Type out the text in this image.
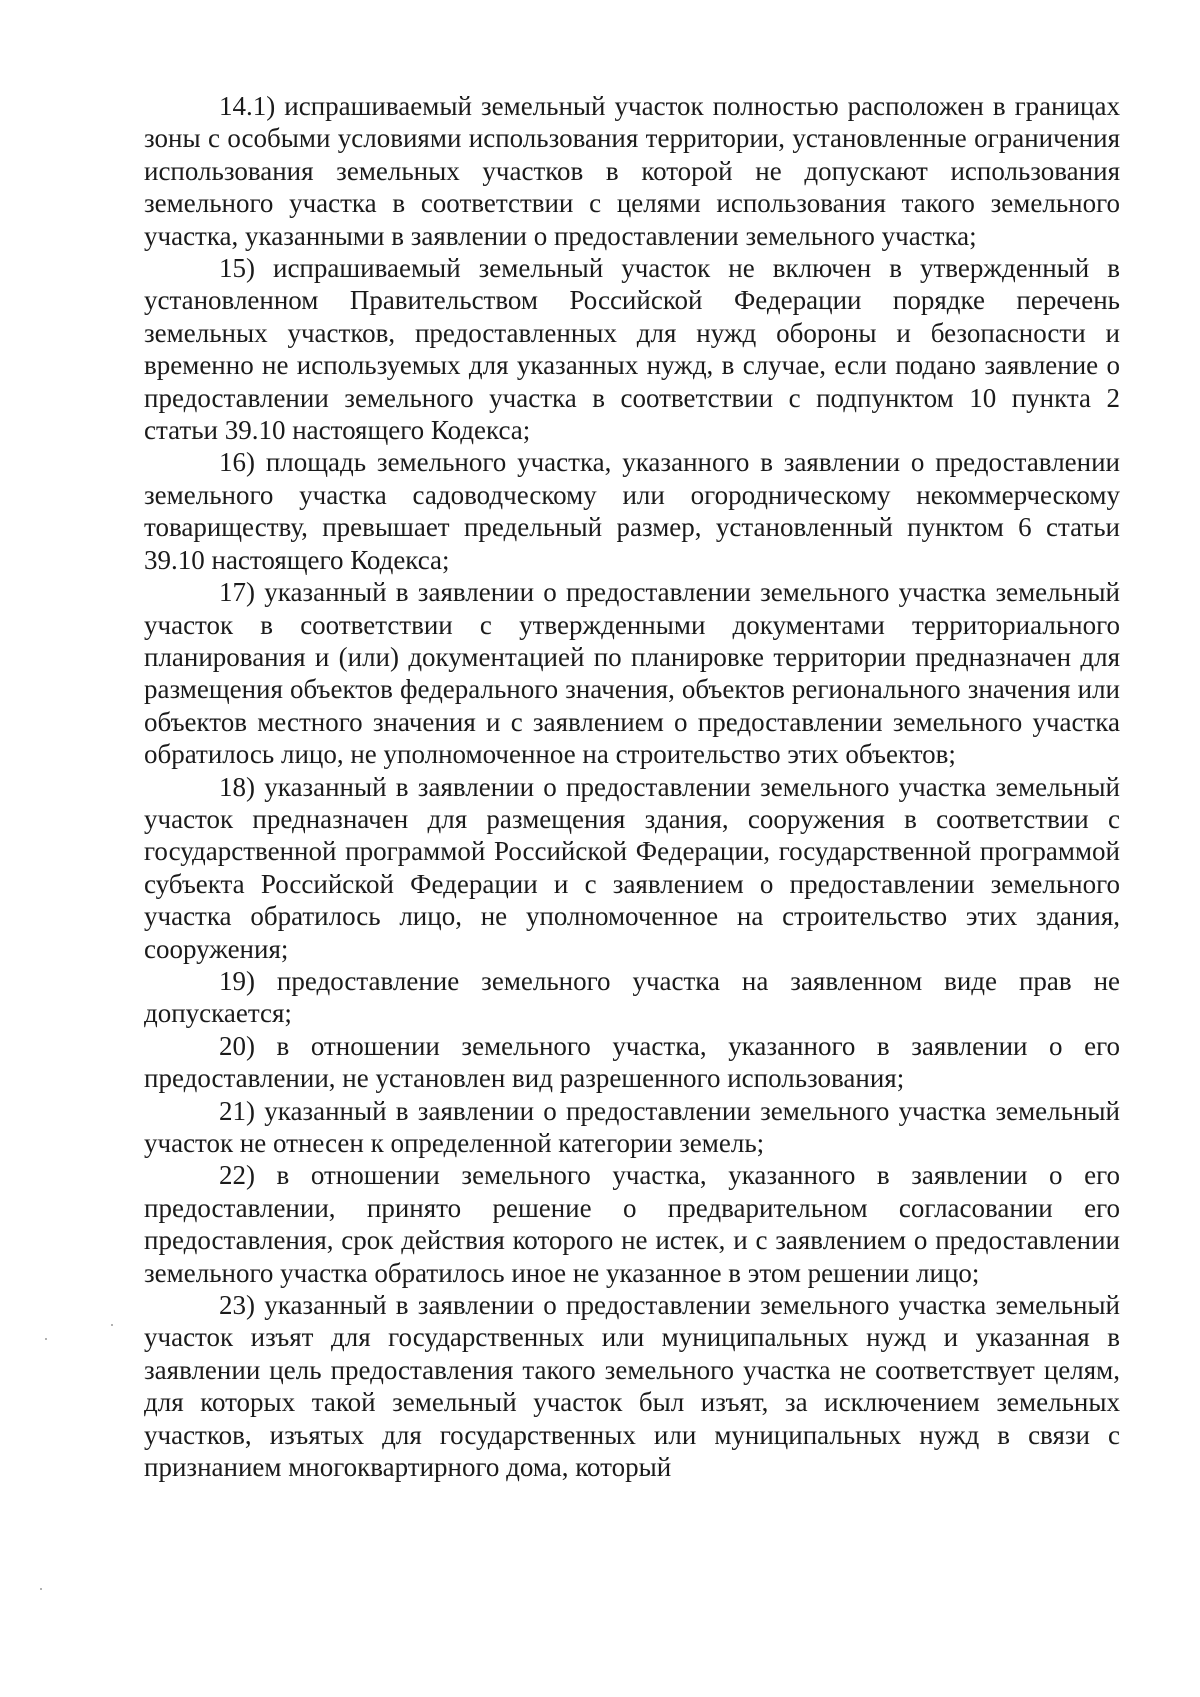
14.1) испрашиваемый земельный участок полностью расположен в границах зоны с особыми условиями использования территории, установленные ограничения использования земельных участков в которой не допускают использования земельного участка в соответствии с целями использования такого земельного участка, указанными в заявлении о предоставлении земельного участка;

15) испрашиваемый земельный участок не включен в утвержденный в установленном Правительством Российской Федерации порядке перечень земельных участков, предоставленных для нужд обороны и безопасности и временно не используемых для указанных нужд, в случае, если подано заявление о предоставлении земельного участка в соответствии с подпунктом 10 пункта 2 статьи 39.10 настоящего Кодекса;

16) площадь земельного участка, указанного в заявлении о предоставлении земельного участка садоводческому или огородническому некоммерческому товариществу, превышает предельный размер, установленный пунктом 6 статьи 39.10 настоящего Кодекса;

17) указанный в заявлении о предоставлении земельного участка земельный участок в соответствии с утвержденными документами территориального планирования и (или) документацией по планировке территории предназначен для размещения объектов федерального значения, объектов регионального значения или объектов местного значения и с заявлением о предоставлении земельного участка обратилось лицо, не уполномоченное на строительство этих объектов;

18) указанный в заявлении о предоставлении земельного участка земельный участок предназначен для размещения здания, сооружения в соответствии с государственной программой Российской Федерации, государственной программой субъекта Российской Федерации и с заявлением о предоставлении земельного участка обратилось лицо, не уполномоченное на строительство этих здания, сооружения;

19) предоставление земельного участка на заявленном виде прав не допускается;

20) в отношении земельного участка, указанного в заявлении о его предоставлении, не установлен вид разрешенного использования;

21) указанный в заявлении о предоставлении земельного участка земельный участок не отнесен к определенной категории земель;

22) в отношении земельного участка, указанного в заявлении о его предоставлении, принято решение о предварительном согласовании его предоставления, срок действия которого не истек, и с заявлением о предоставлении земельного участка обратилось иное не указанное в этом решении лицо;

23) указанный в заявлении о предоставлении земельного участка земельный участок изъят для государственных или муниципальных нужд и указанная в заявлении цель предоставления такого земельного участка не соответствует целям, для которых такой земельный участок был изъят, за исключением земельных участков, изъятых для государственных или муниципальных нужд в связи с признанием многоквартирного дома, который
